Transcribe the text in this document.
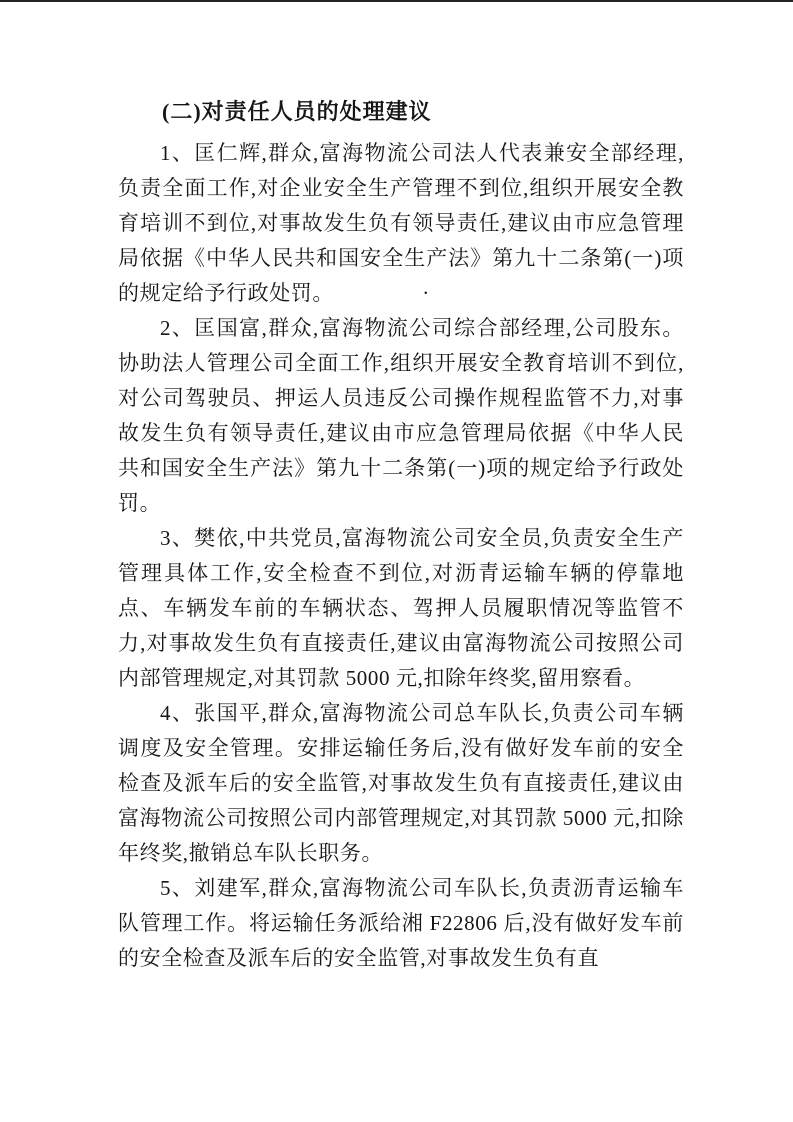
(二)对责任人员的处理建议

1、匡仁辉,群众,富海物流公司法人代表兼安全部经理,负责全面工作,对企业安全生产管理不到位,组织开展安全教育培训不到位,对事故发生负有领导责任,建议由市应急管理局依据《中华人民共和国安全生产法》第九十二条第(一)项的规定给予行政处罚。	·

2、匡国富,群众,富海物流公司综合部经理,公司股东。协助法人管理公司全面工作,组织开展安全教育培训不到位,对公司驾驶员、押运人员违反公司操作规程监管不力,对事故发生负有领导责任,建议由市应急管理局依据《中华人民共和国安全生产法》第九十二条第(一)项的规定给予行政处罚。

3、樊依,中共党员,富海物流公司安全员,负责安全生产管理具体工作,安全检查不到位,对沥青运输车辆的停靠地点、车辆发车前的车辆状态、驾押人员履职情况等监管不力,对事故发生负有直接责任,建议由富海物流公司按照公司内部管理规定,对其罚款 5000 元,扣除年终奖,留用察看。

4、张国平,群众,富海物流公司总车队长,负责公司车辆调度及安全管理。安排运输任务后,没有做好发车前的安全检查及派车后的安全监管,对事故发生负有直接责任,建议由富海物流公司按照公司内部管理规定,对其罚款 5000 元,扣除年终奖,撤销总车队长职务。

5、刘建军,群众,富海物流公司车队长,负责沥青运输车队管理工作。将运输任务派给湘 F22806 后,没有做好发车前的安全检查及派车后的安全监管,对事故发生负有直
